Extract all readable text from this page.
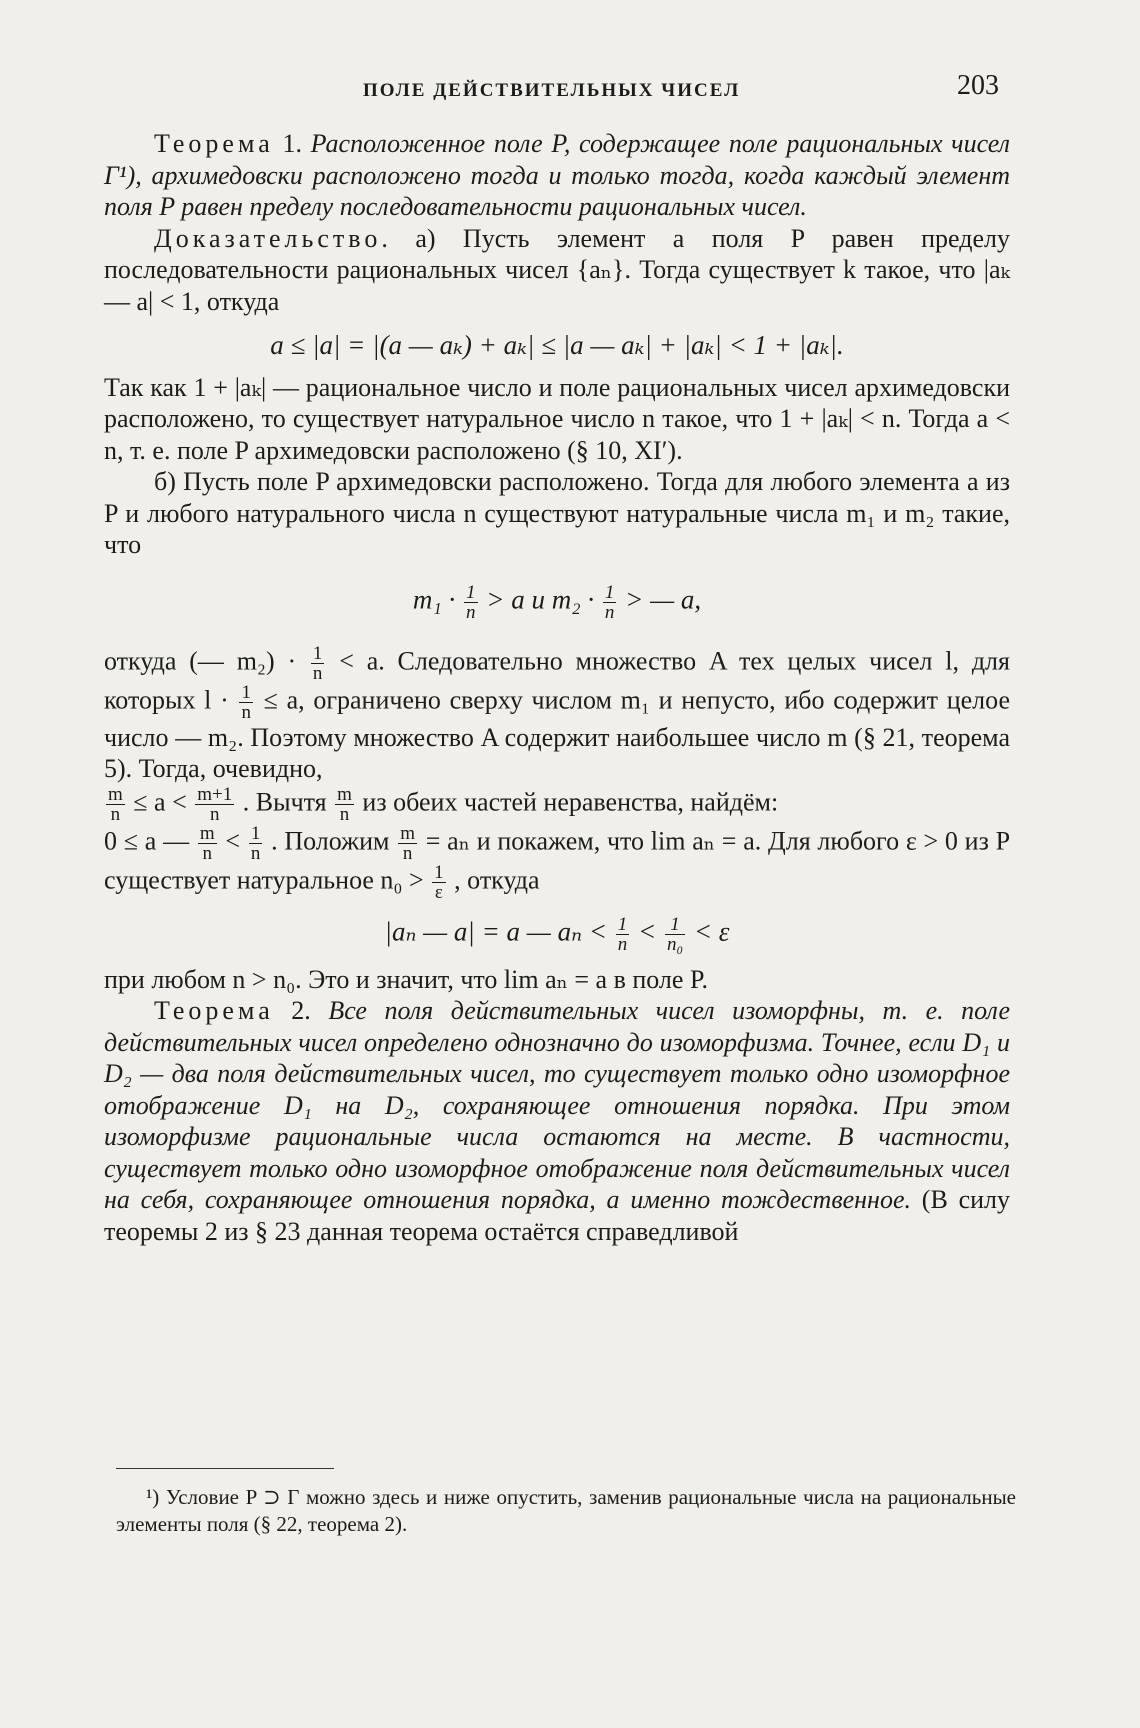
ПОЛЕ ДЕЙСТВИТЕЛЬНЫХ ЧИСЕЛ	203

Теорема 1. Расположенное поле P, содержащее поле рациональных чисел Γ¹), архимедовски расположено тогда и только тогда, когда каждый элемент поля P равен пределу последовательности рациональных чисел.

Доказательство. а) Пусть элемент a поля P равен пределу последовательности рациональных чисел {aₙ}. Тогда существует k такое, что |aₖ — a| < 1, откуда

a ≤ |a| = |(a — aₖ) + aₖ| ≤ |a — aₖ| + |aₖ| < 1 + |aₖ|.

Так как 1 + |aₖ| — рациональное число и поле рациональных чисел архимедовски расположено, то существует натуральное число n такое, что 1 + |aₖ| < n. Тогда a < n, т. е. поле P архимедовски расположено (§ 10, XI′).

б) Пусть поле P архимедовски расположено. Тогда для любого элемента a из P и любого натурального числа n существуют натуральные числа m₁ и m₂ такие, что

$m_1 \cdot \frac{1}{n} > a$ и $m_2 \cdot \frac{1}{n}$ > — a,

откуда (— $m_2) \cdot \frac{1}{n} < a$. Следовательно множество A тех целых чисел l, для которых $l \cdot \frac{1}{n} \le a$, ограничено сверху числом m₁ и непусто, ибо содержит целое число — m₂. Поэтому множество A содержит наибольшее число m (§ 21, теорема 5). Тогда, очевидно,

$\frac{m}{n} \le a < \frac{m+1}{n}$ . Вычтя $\frac{m}{n}$ из обеих частей неравенства, найдём:

0 ≤ a — $\frac{m}{n} < \frac{1}{n}$ . Положим $\frac{m}{n} = a_n$ и покажем, что lim aₙ = a. Для любого ε > 0 из P существует натуральное $n_0 > \frac{1}{\varepsilon}$ , откуда

|aₙ — a| = a — $a_n < \frac{1}{n} < \frac{1}{\text{n₀}} < \varepsilon$

при любом n > n₀. Это и значит, что lim aₙ = a в поле P.

Теорема 2. Все поля действительных чисел изоморфны, т. е. поле действительных чисел определено однозначно до изоморфизма. Точнее, если D₁ и D₂ — два поля действительных чисел, то существует только одно изоморфное отображение D₁ на D₂, сохраняющее отношения порядка. При этом изоморфизме рациональные числа остаются на месте. В частности, существует только одно изоморфное отображение поля действительных чисел на себя, сохраняющее отношения порядка, а именно тождественное. (В силу теоремы 2 из § 23 данная теорема остаётся справедливой

¹) Условие P ⊃ Γ можно здесь и ниже опустить, заменив рациональные числа на рациональные элементы поля (§ 22, теорема 2).
